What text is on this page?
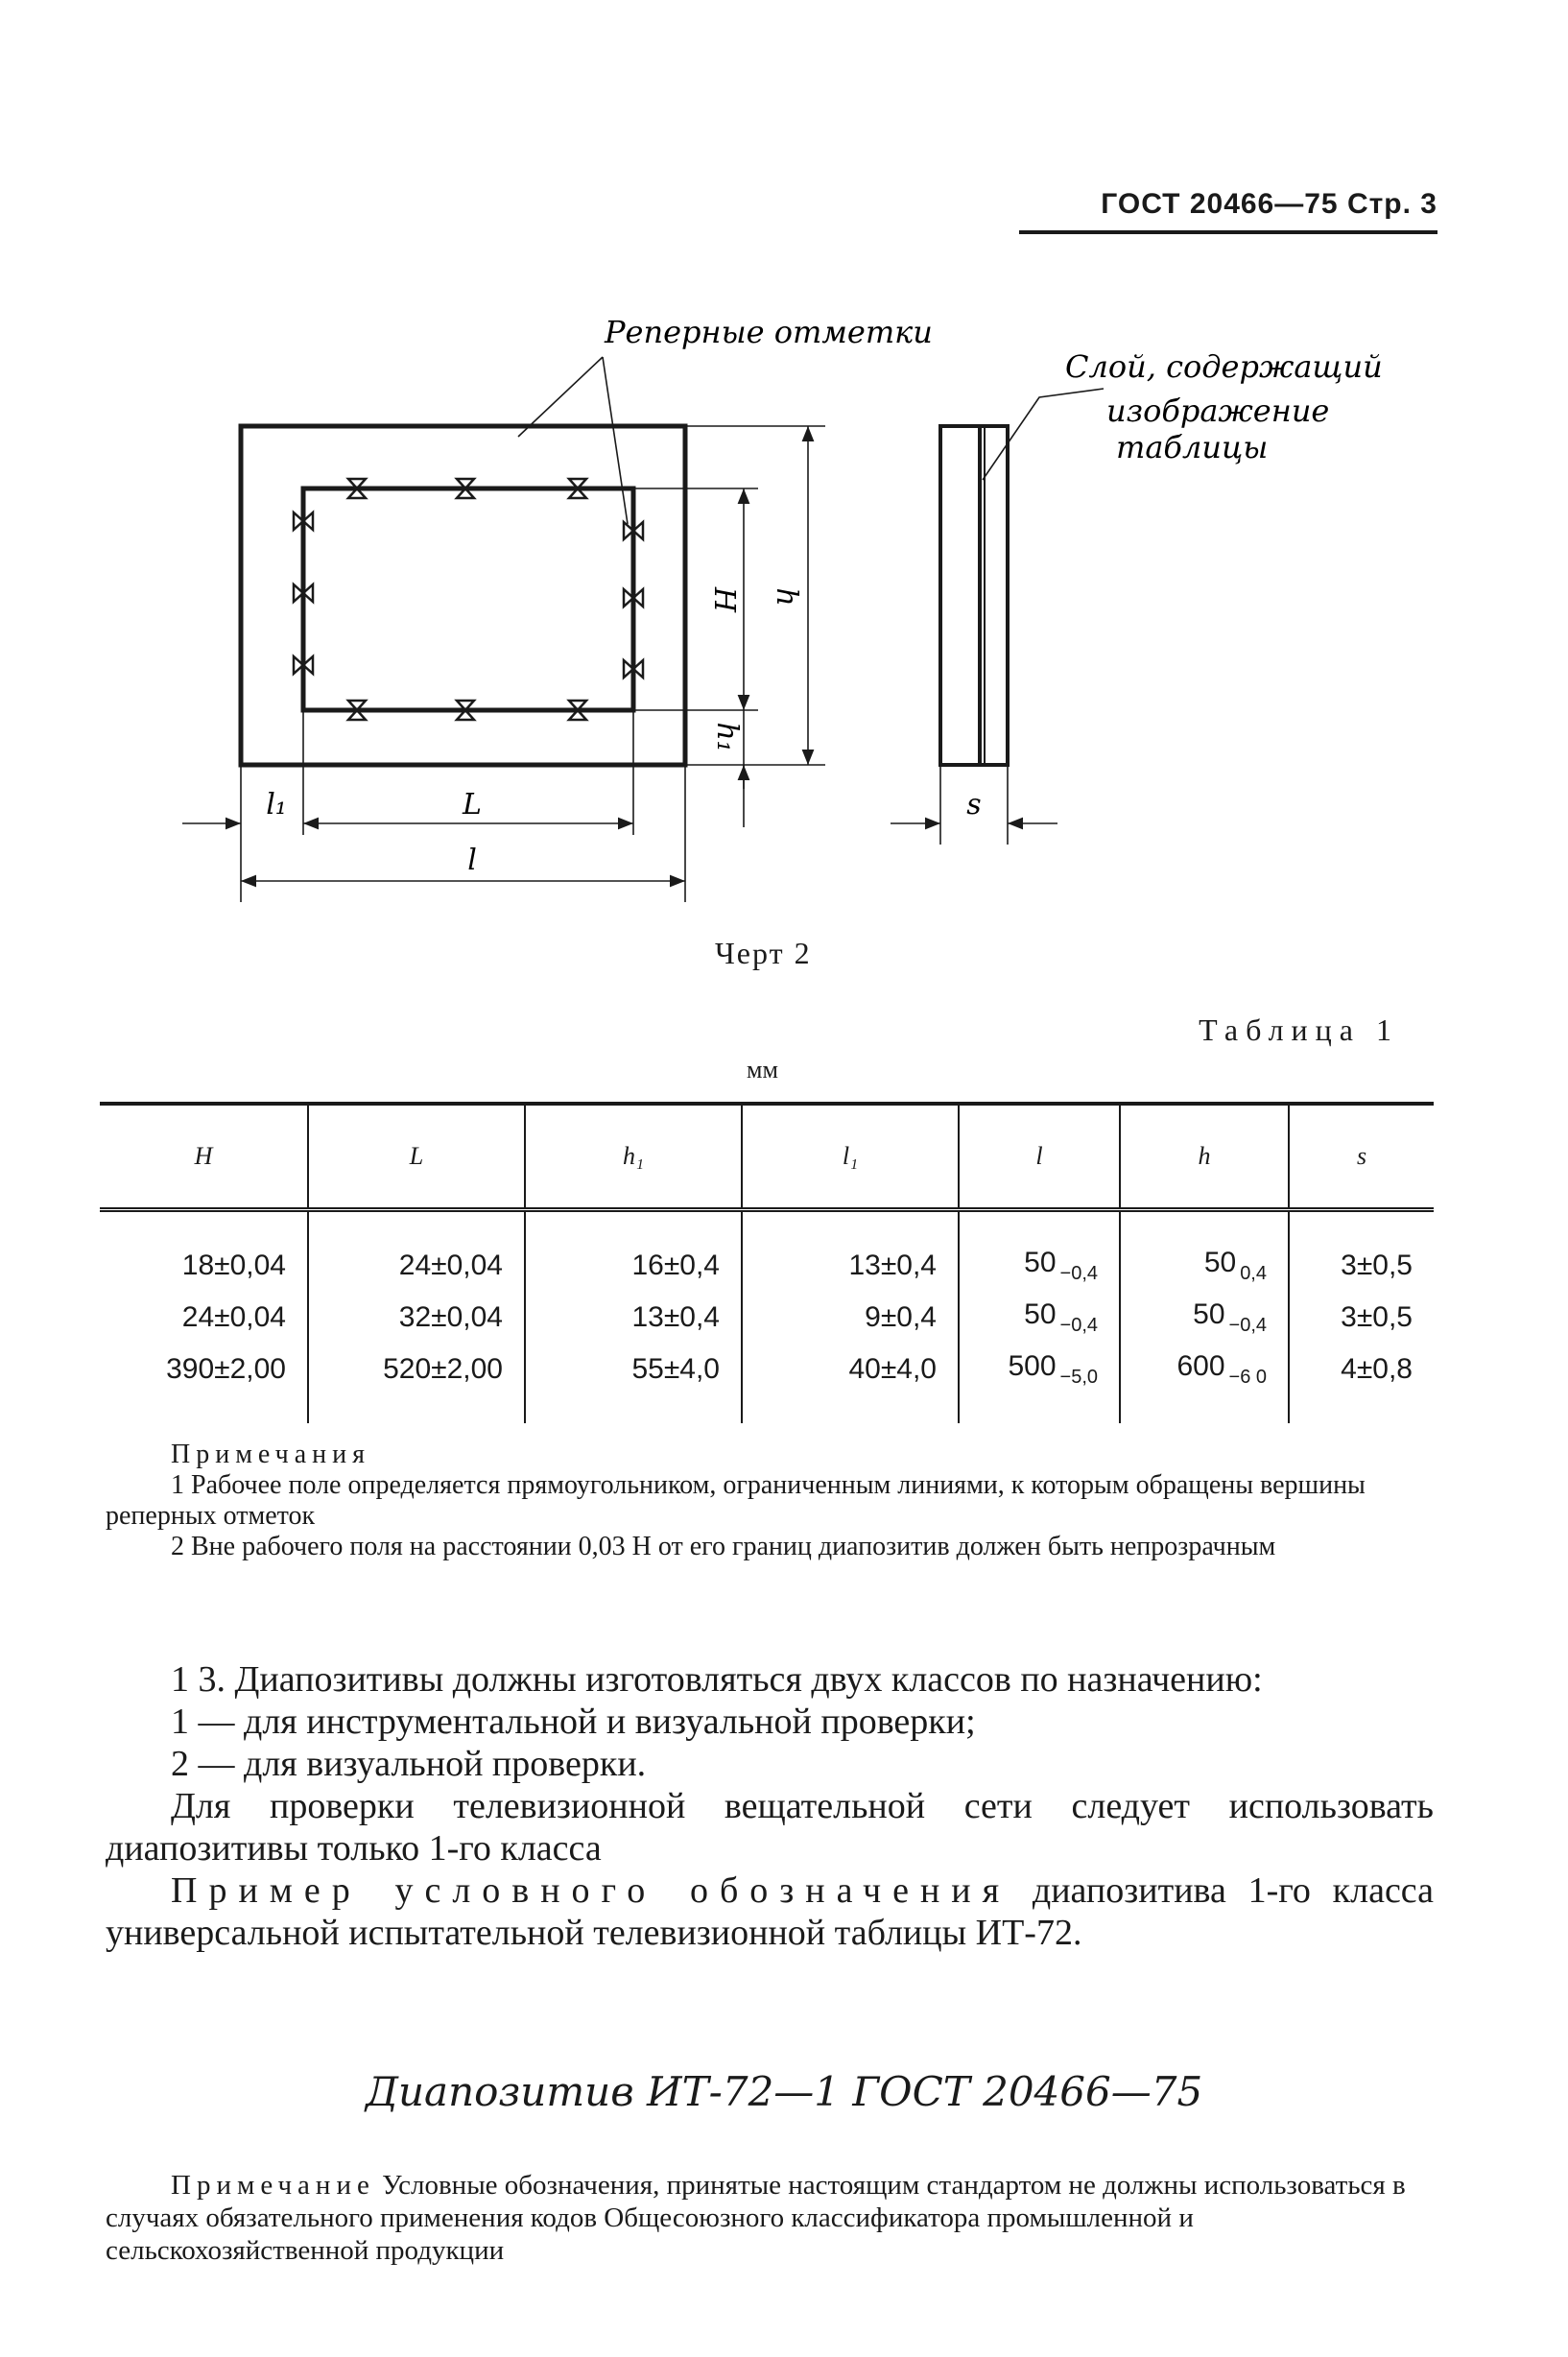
ГОСТ 20466—75 Стр. 3
Реперные отметки
Слой, содержащий
изображение
таблицы
H h
h₁
l₁	L
l
s
Черт 2
Таблица 1
мм
H	L	h₁	l₁	l	h	s
18±0,04	24±0,04	16±0,4	13±0,4	50 $_{-0,4}$	50 $_{0,4}$	3±0,5
24±0,04	32±0,04	13±0,4	9±0,4	50 $_{-0,4}$	50 $_{-0,4}$	3±0,5
390±2,00	520±2,00	55±4,0	40±4,0	500 $_{-5,0}$	600 $_{-6 0}$	4±0,8

Примечания

1 Рабочее поле определяется прямоугольником, ограниченным линиями, к которым обращены вершины реперных отметок

2 Вне рабочего поля на расстоянии 0,03 H от его границ диапозитив должен быть непрозрачным

1 3. Диапозитивы должны изготовляться двух классов по назначению:

1 — для инструментальной и визуальной проверки;

2 — для визуальной проверки.

Для проверки телевизионной вещательной сети следует использовать диапозитивы только 1-го класса

Пример условного обозначения диапозитива 1-го класса универсальной испытательной телевизионной таблицы ИТ-72.

Диапозитив ИТ-72—1 ГОСТ 20466—75

Примечание Условные обозначения, принятые настоящим стандартом не должны использоваться в случаях обязательного применения кодов Общесоюзного классификатора промышленной и сельскохозяйственной продукции
